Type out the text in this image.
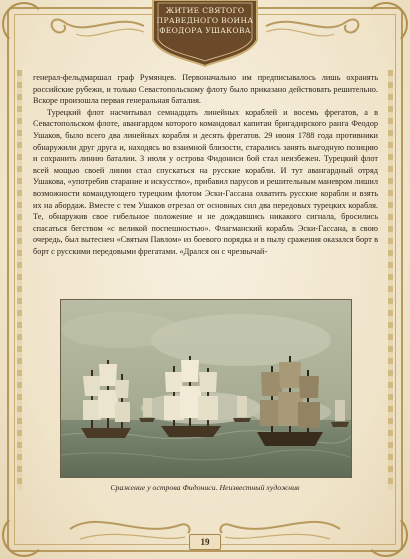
ЖИТИЕ СВЯТОГО
ПРАВЕДНОГО ВОИНА
ФЕОДОРА УШАКОВА

генерал-фельдмаршал граф Румянцев. Первоначально им предписывалось лишь охранять российские рубежи, и только Севастопольскому флоту было приказано действовать решительно. Вскоре произошла первая генеральная баталия.

Турецкий флот насчитывал семнадцать линейных кораблей и восемь фрегатов, а в Севастопольском флоте, авангардом которого командовал капитан бригадирского ранга Феодор Ушаков, было всего два линейных корабля и десять фрегатов. 29 июня 1788 года противники обнаружили друг друга и, находясь во взаимной близости, старались занять выгодную позицию и сохранить линию баталии. 3 июля у острова Фидониси бой стал неизбежен. Турецкий флот всей мощью своей линии стал спускаться на русские корабли. И тут авангардный отряд Ушакова, «употребив старание и искусство», прибавил парусов и решительным маневром лишил возможности командующего турецким флотом Эски-Гассана охватить русские корабли и взять их на абордаж. Вместе с тем Ушаков отрезал от основных сил два передовых турецких корабля. Те, обнаружив свое гибельное положение и не дождавшись никакого сигнала, бросились спасаться бегством «с великой поспешностью». Флагманский корабль Эски-Гассана, в свою очередь, был вытеснен «Святым Павлом» из боевого порядка и в пылу сражения оказался борт в борт с русскими передовыми фрегатами. «Дрался он с чрезвычай-

Сражение у острова Фидониси. Неизвестный художник
19
